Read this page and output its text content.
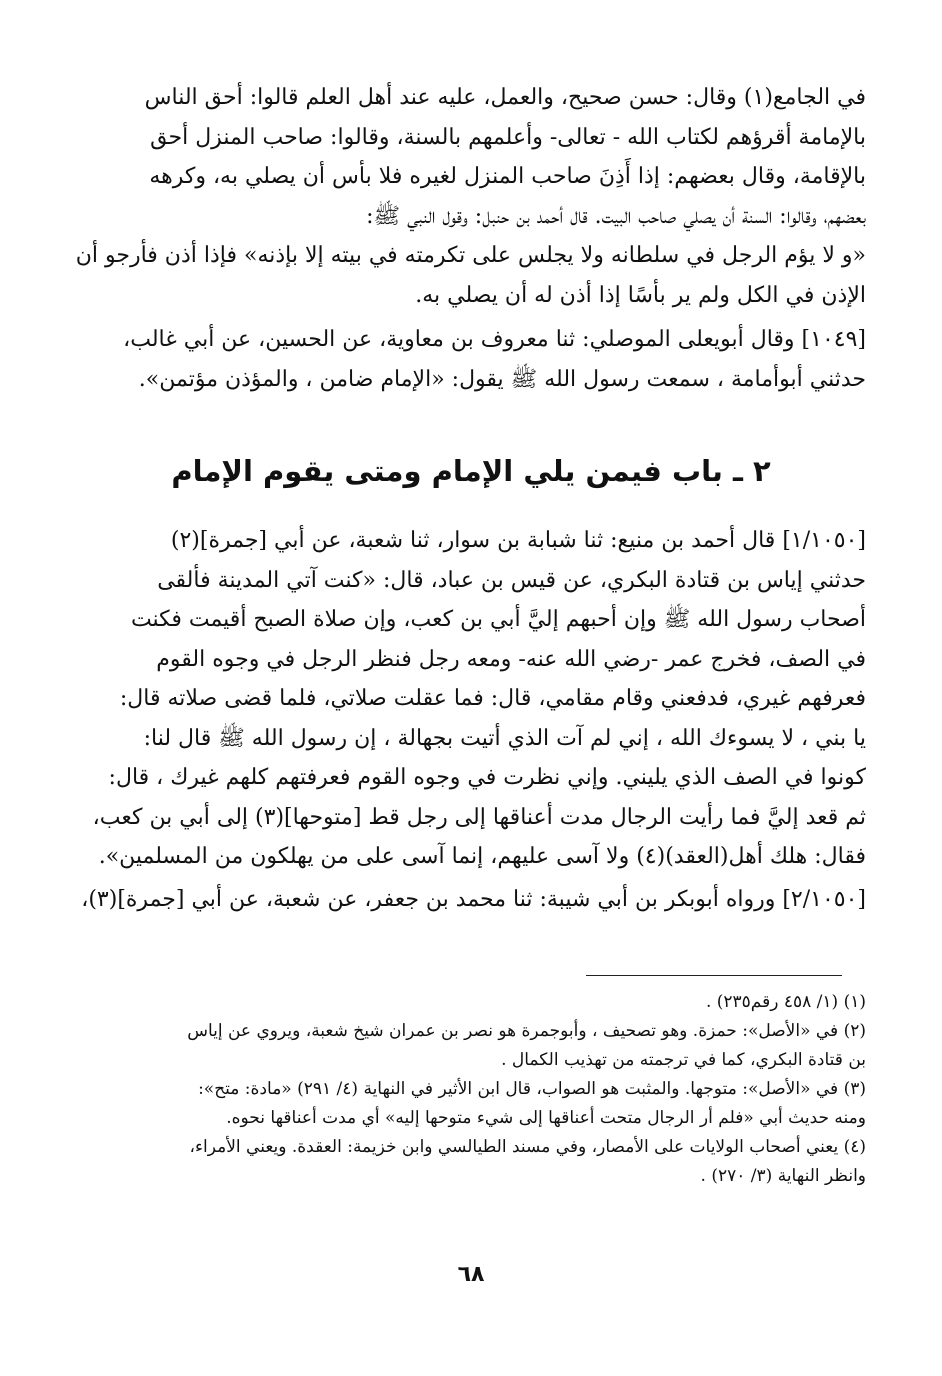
في الجامع(١) وقال: حسن صحيح، والعمل، عليه عند أهل العلم قالوا: أحق الناس
بالإمامة أقرؤهم لكتاب الله - تعالى- وأعلمهم بالسنة، وقالوا: صاحب المنزل أحق
بالإقامة، وقال بعضهم: إذا أَذِنَ صاحب المنزل لغيره فلا بأس أن يصلي به، وكرهه
بعضهم، وقالوا: السنة أن يصلي صاحب البيت. قال أحمد بن حنبل: وقول النبي ﷺ:
«و لا يؤم الرجل في سلطانه ولا يجلس على تكرمته في بيته إلا بإذنه» فإذا أذن فأرجو أن
الإذن في الكل ولم ير بأسًا إذا أذن له أن يصلي به.
[١٠٤٩] وقال أبويعلى الموصلي: ثنا معروف بن معاوية، عن الحسين، عن أبي غالب،
حدثني أبوأمامة ، سمعت رسول الله ﷺ يقول: «الإمام ضامن ، والمؤذن مؤتمن».
٢ ـ باب فيمن يلي الإمام ومتى يقوم الإمام
[١/١٠٥٠] قال أحمد بن منيع: ثنا شبابة بن سوار، ثنا شعبة، عن أبي [جمرة](٢)
حدثني إياس بن قتادة البكري، عن قيس بن عباد، قال: «كنت آتي المدينة فألقى
أصحاب رسول الله ﷺ وإن أحبهم إليَّ أبي بن كعب، وإن صلاة الصبح أقيمت فكنت
في الصف، فخرج عمر -رضي الله عنه- ومعه رجل فنظر الرجل في وجوه القوم
فعرفهم غيري، فدفعني وقام مقامي، قال: فما عقلت صلاتي، فلما قضى صلاته قال:
يا بني ، لا يسوءك الله ، إني لم آت الذي أتيت بجهالة ، إن رسول الله ﷺ قال لنا:
كونوا في الصف الذي يليني. وإني نظرت في وجوه القوم فعرفتهم كلهم غيرك ، قال:
ثم قعد إليَّ فما رأيت الرجال مدت أعناقها إلى رجل قط [متوحها](٣) إلى أبي بن كعب،
فقال: هلك أهل(العقد)(٤) ولا آسى عليهم، إنما آسى على من يهلكون من المسلمين».
[٢/١٠٥٠] ورواه أبوبكر بن أبي شيبة: ثنا محمد بن جعفر، عن شعبة، عن أبي [جمرة](٣)،
(١) (١/ ٤٥٨ رقم٢٣٥) .
(٢) في «الأصل»: حمزة. وهو تصحيف ، وأبوجمرة هو نصر بن عمران شيخ شعبة، ويروي عن إياس
بن قتادة البكري، كما في ترجمته من تهذيب الكمال .
(٣) في «الأصل»: متوجها. والمثبت هو الصواب، قال ابن الأثير في النهاية (٤/ ٢٩١) «مادة: متح»:
ومنه حديث أبي «فلم أر الرجال متحت أعناقها إلى شيء متوحها إليه» أي مدت أعناقها نحوه.
(٤) يعني أصحاب الولايات على الأمصار، وفي مسند الطيالسي وابن خزيمة: العقدة. ويعني الأمراء،
وانظر النهاية (٣/ ٢٧٠) .
٦٨
